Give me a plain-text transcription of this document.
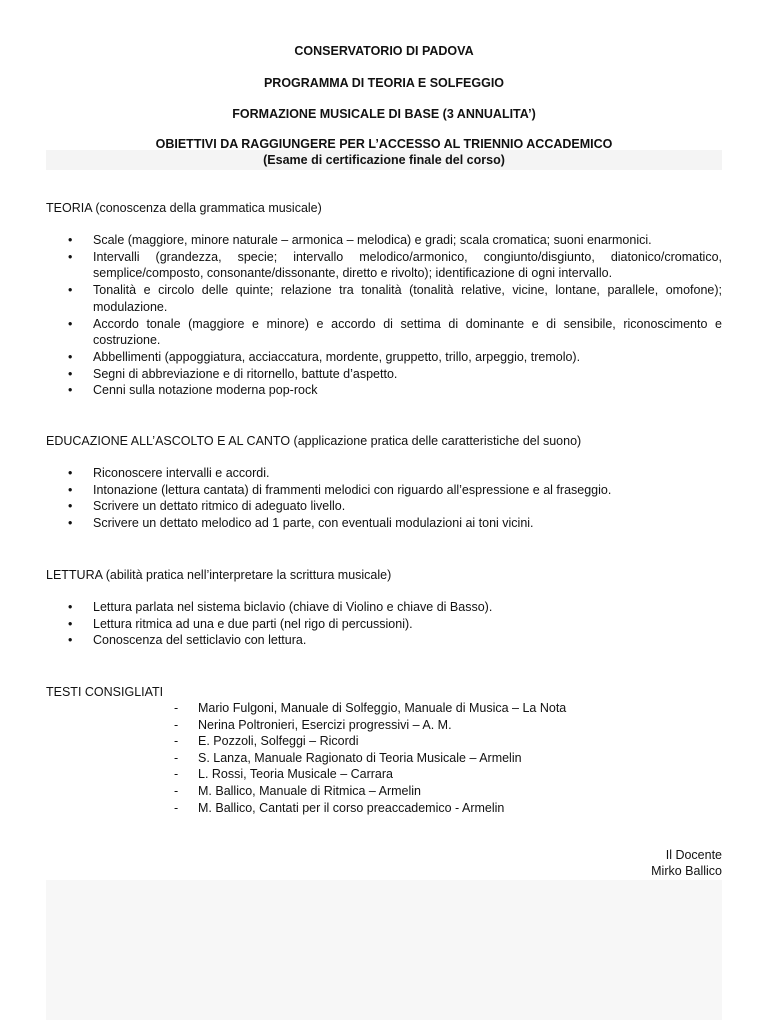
CONSERVATORIO DI PADOVA
PROGRAMMA DI TEORIA E SOLFEGGIO
FORMAZIONE MUSICALE DI BASE (3 ANNUALITA’)
OBIETTIVI DA RAGGIUNGERE PER L’ACCESSO AL TRIENNIO ACCADEMICO
(Esame di certificazione finale del corso)
TEORIA (conoscenza della grammatica musicale)
• Scale (maggiore, minore naturale – armonica – melodica) e gradi; scala cromatica; suoni enarmonici.
• Intervalli (grandezza, specie; intervallo melodico/armonico, congiunto/disgiunto, diatonico/cromatico, semplice/composto, consonante/dissonante, diretto e rivolto); identificazione di ogni intervallo.
• Tonalità e circolo delle quinte; relazione tra tonalità (tonalità relative, vicine, lontane, parallele, omofone); modulazione.
• Accordo tonale (maggiore e minore) e accordo di settima di dominante e di sensibile, riconoscimento e costruzione.
• Abbellimenti (appoggiatura, acciaccatura, mordente, gruppetto, trillo, arpeggio, tremolo).
• Segni di abbreviazione e di ritornello, battute d’aspetto.
• Cenni sulla notazione moderna pop-rock
EDUCAZIONE ALL’ASCOLTO E AL CANTO (applicazione pratica delle caratteristiche del suono)
• Riconoscere intervalli e accordi.
• Intonazione (lettura cantata) di frammenti melodici con riguardo all’espressione e al fraseggio.
• Scrivere un dettato ritmico di adeguato livello.
• Scrivere un dettato melodico ad 1 parte, con eventuali modulazioni ai toni vicini.
LETTURA (abilità pratica nell’interpretare la scrittura musicale)
• Lettura parlata nel sistema biclavio (chiave di Violino e chiave di Basso).
• Lettura ritmica ad una e due parti (nel rigo di percussioni).
• Conoscenza del setticlavio con lettura.
TESTI CONSIGLIATI
- Mario Fulgoni, Manuale di Solfeggio, Manuale di Musica – La Nota
- Nerina Poltronieri, Esercizi progressivi – A. M.
- E. Pozzoli, Solfeggi – Ricordi
- S. Lanza, Manuale Ragionato di Teoria Musicale – Armelin
- L. Rossi, Teoria Musicale – Carrara
- M. Ballico, Manuale di Ritmica – Armelin
- M. Ballico, Cantati per il corso preaccademico - Armelin
Il Docente
Mirko Ballico
